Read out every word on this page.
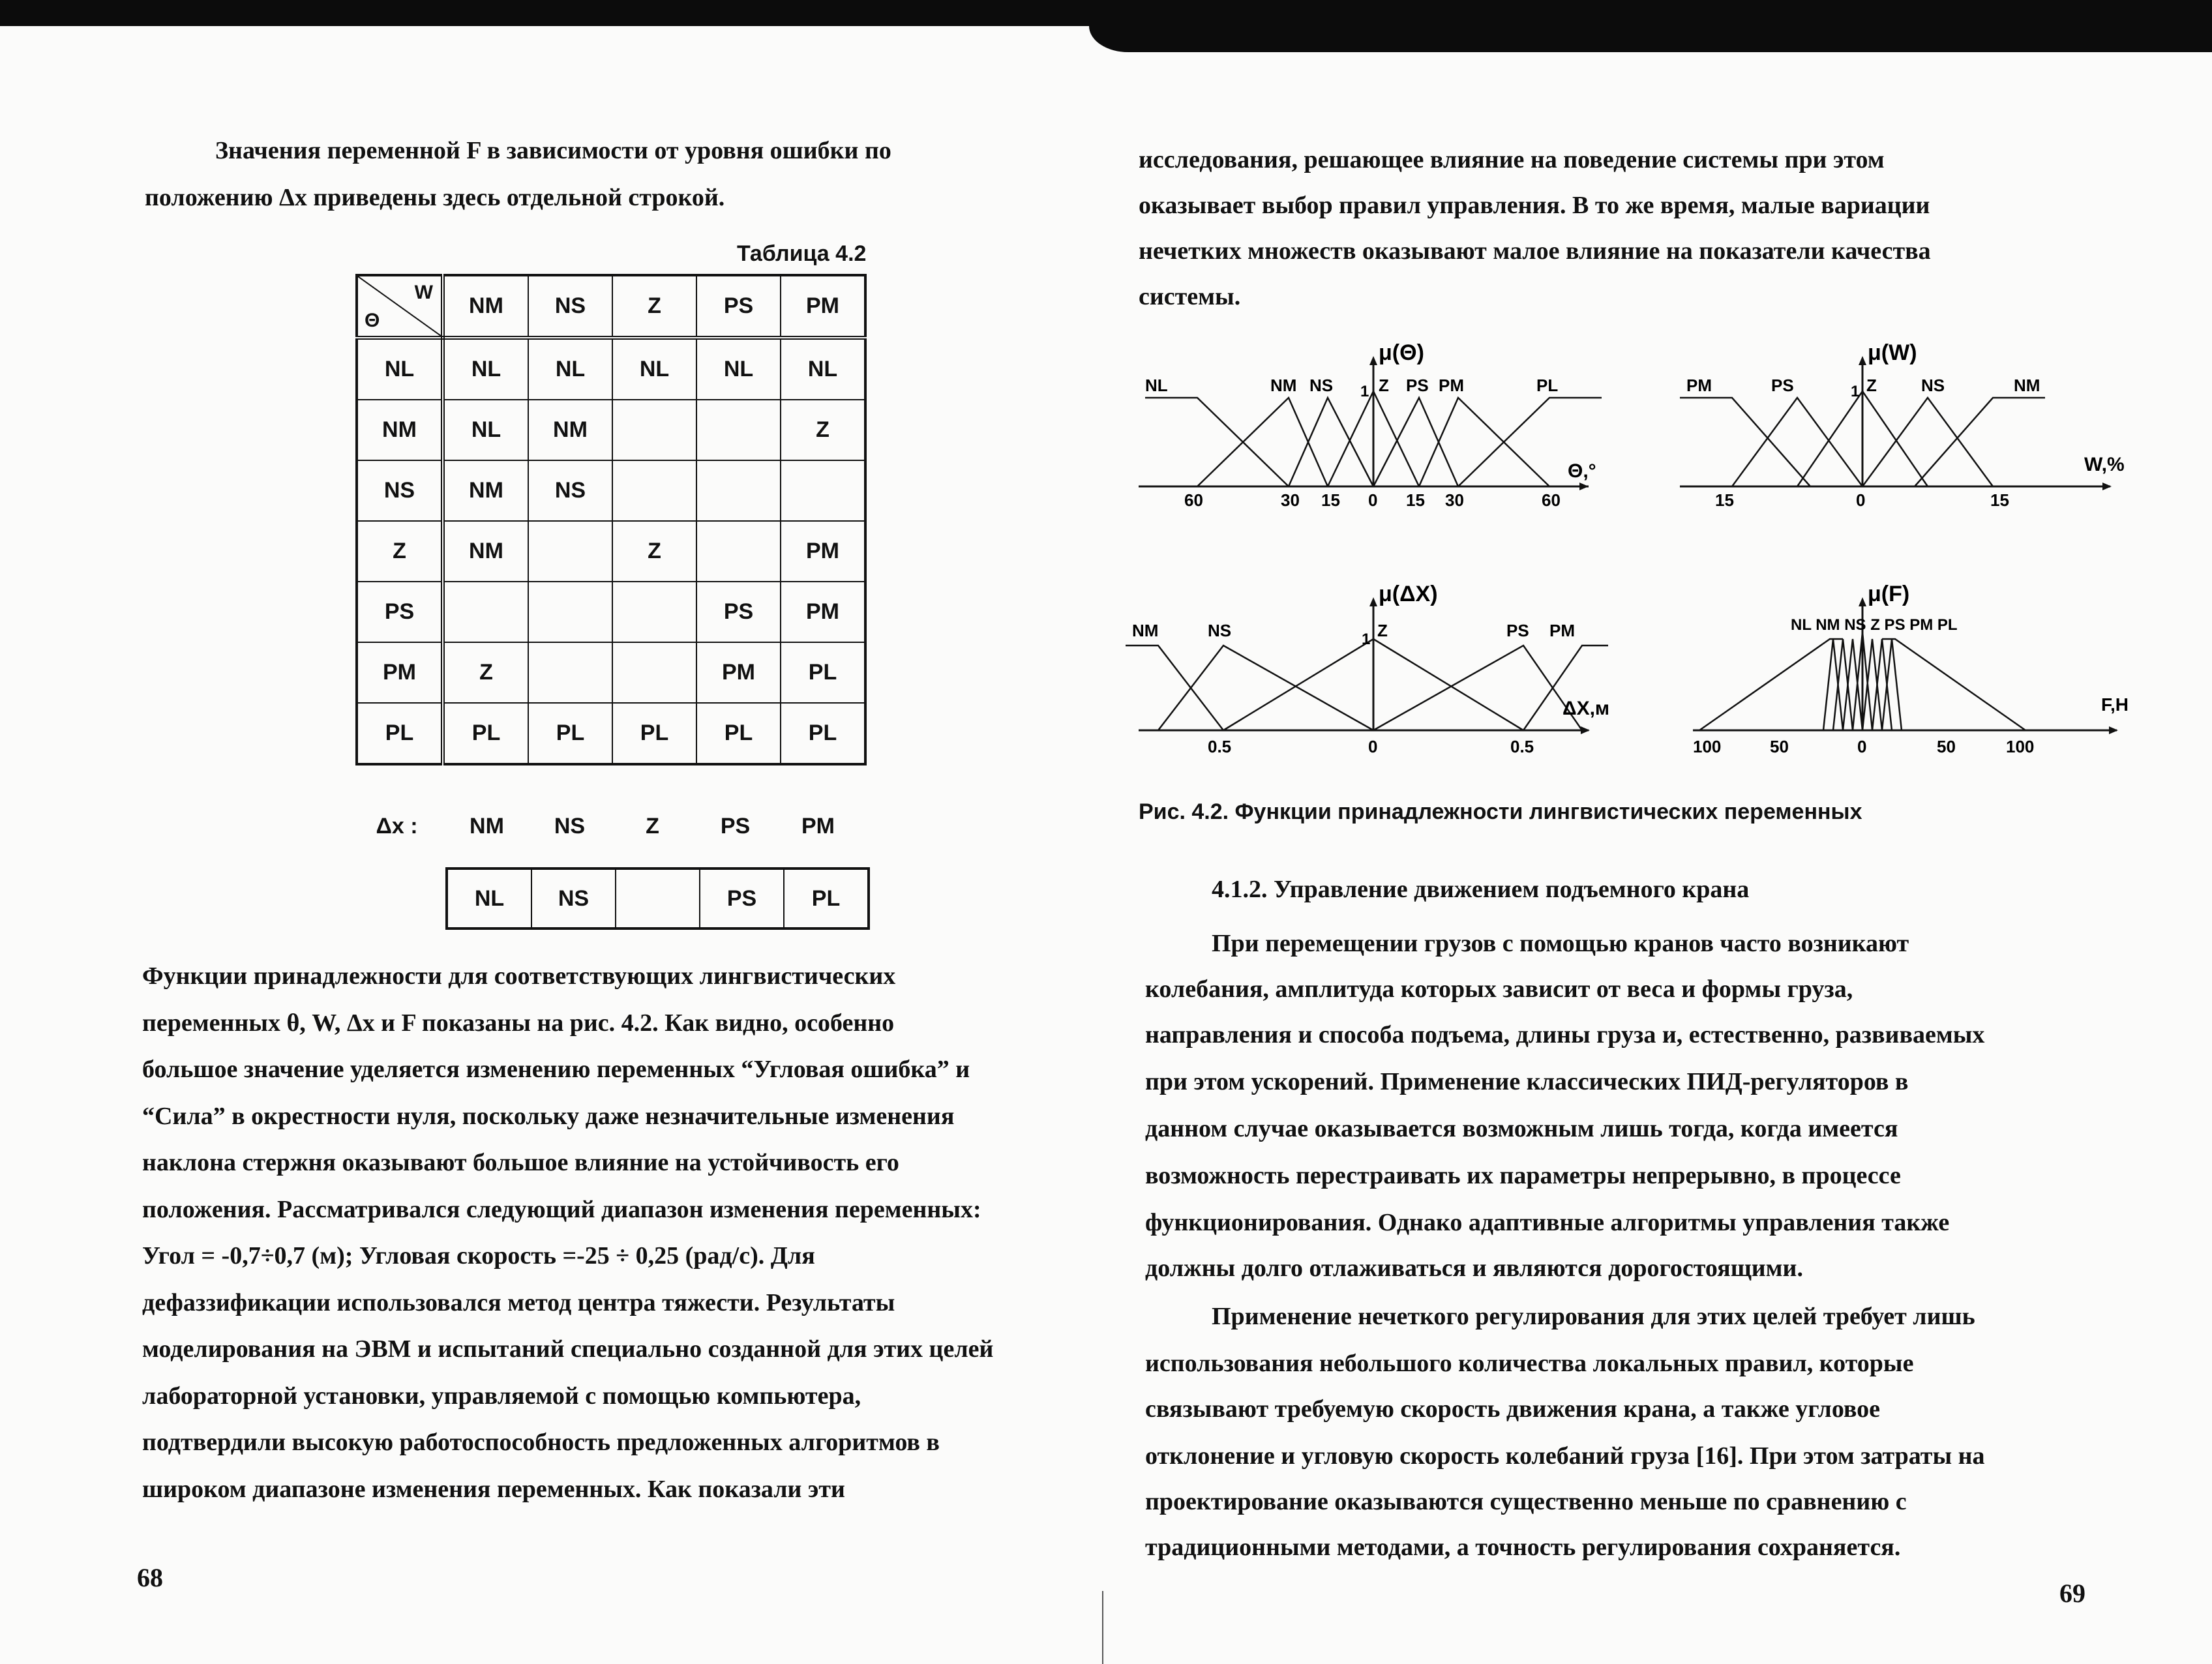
Значения переменной F в зависимости от уровня ошибки по

положению Δx приведены здесь отдельной строкой.

Таблица 4.2
W
Θ	NM	NS	Z	PS	PM
NL	NL	NL	NL	NL	NL
NM	NL	NM			Z
NS	NM	NS			
Z	NM		Z		PM
PS				PS	PM
PM	Z			PM	PL
PL	PL	PL	PL	PL	PL
Δx :	NM	NS	Z	PS	PM
NL	NS		PS	PL

Функции принадлежности для соответствующих лингвистических

переменных θ, W, Δx и F показаны на рис. 4.2. Как видно, особенно

большое значение уделяется изменению переменных “Угловая ошибка” и

“Сила” в окрестности нуля, поскольку даже незначительные изменения

наклона стержня оказывают большое влияние на устойчивость его

положения. Рассматривался следующий диапазон изменения переменных:

Угол = -0,7÷0,7 (м); Угловая скорость =-25 ÷ 0,25 (рад/с). Для

дефаззификации использовался метод центра тяжести. Результаты

моделирования на ЭВМ и испытаний специально созданной для этих целей

лабораторной установки, управляемой с помощью компьютера,

подтвердили высокую работоспособность предложенных алгоритмов в

широком диапазоне изменения переменных. Как показали эти

68

исследования, решающее влияние на поведение системы при этом

оказывает выбор правил управления. В то же время, малые вариации

нечетких множеств оказывают малое влияние на показатели качества

системы.

μ(Θ)
1
NL	NM NS	Z PS PM	PL
Θ,°
60	30 15 0 15 30	60
μ(W)
1
PM	PS	Z	NS	NM
W,%
15	0	15
μ(ΔX)
1
NM	NS	Z	PS PM
ΔX,м
0.5	0	0.5
μ(F)
NL NM NS Z PS PM PL
F,H
100	50	0	50	100
Рис. 4.2. Функции принадлежности лингвистических переменных
4.1.2. Управление движением подъемного крана

При перемещении грузов с помощью кранов часто возникают

колебания, амплитуда которых зависит от веса и формы груза,

направления и способа подъема, длины груза и, естественно, развиваемых

при этом ускорений. Применение классических ПИД-регуляторов в

данном случае оказывается возможным лишь тогда, когда имеется

возможность перестраивать их параметры непрерывно, в процессе

функционирования. Однако адаптивные алгоритмы управления также

должны долго отлаживаться и являются дорогостоящими.

Применение нечеткого регулирования для этих целей требует лишь

использования небольшого количества локальных правил, которые

связывают требуемую скорость движения крана, а также угловое

отклонение и угловую скорость колебаний груза [16]. При этом затраты на

проектирование оказываются существенно меньше по сравнению с

традиционными методами, а точность регулирования сохраняется.

69
